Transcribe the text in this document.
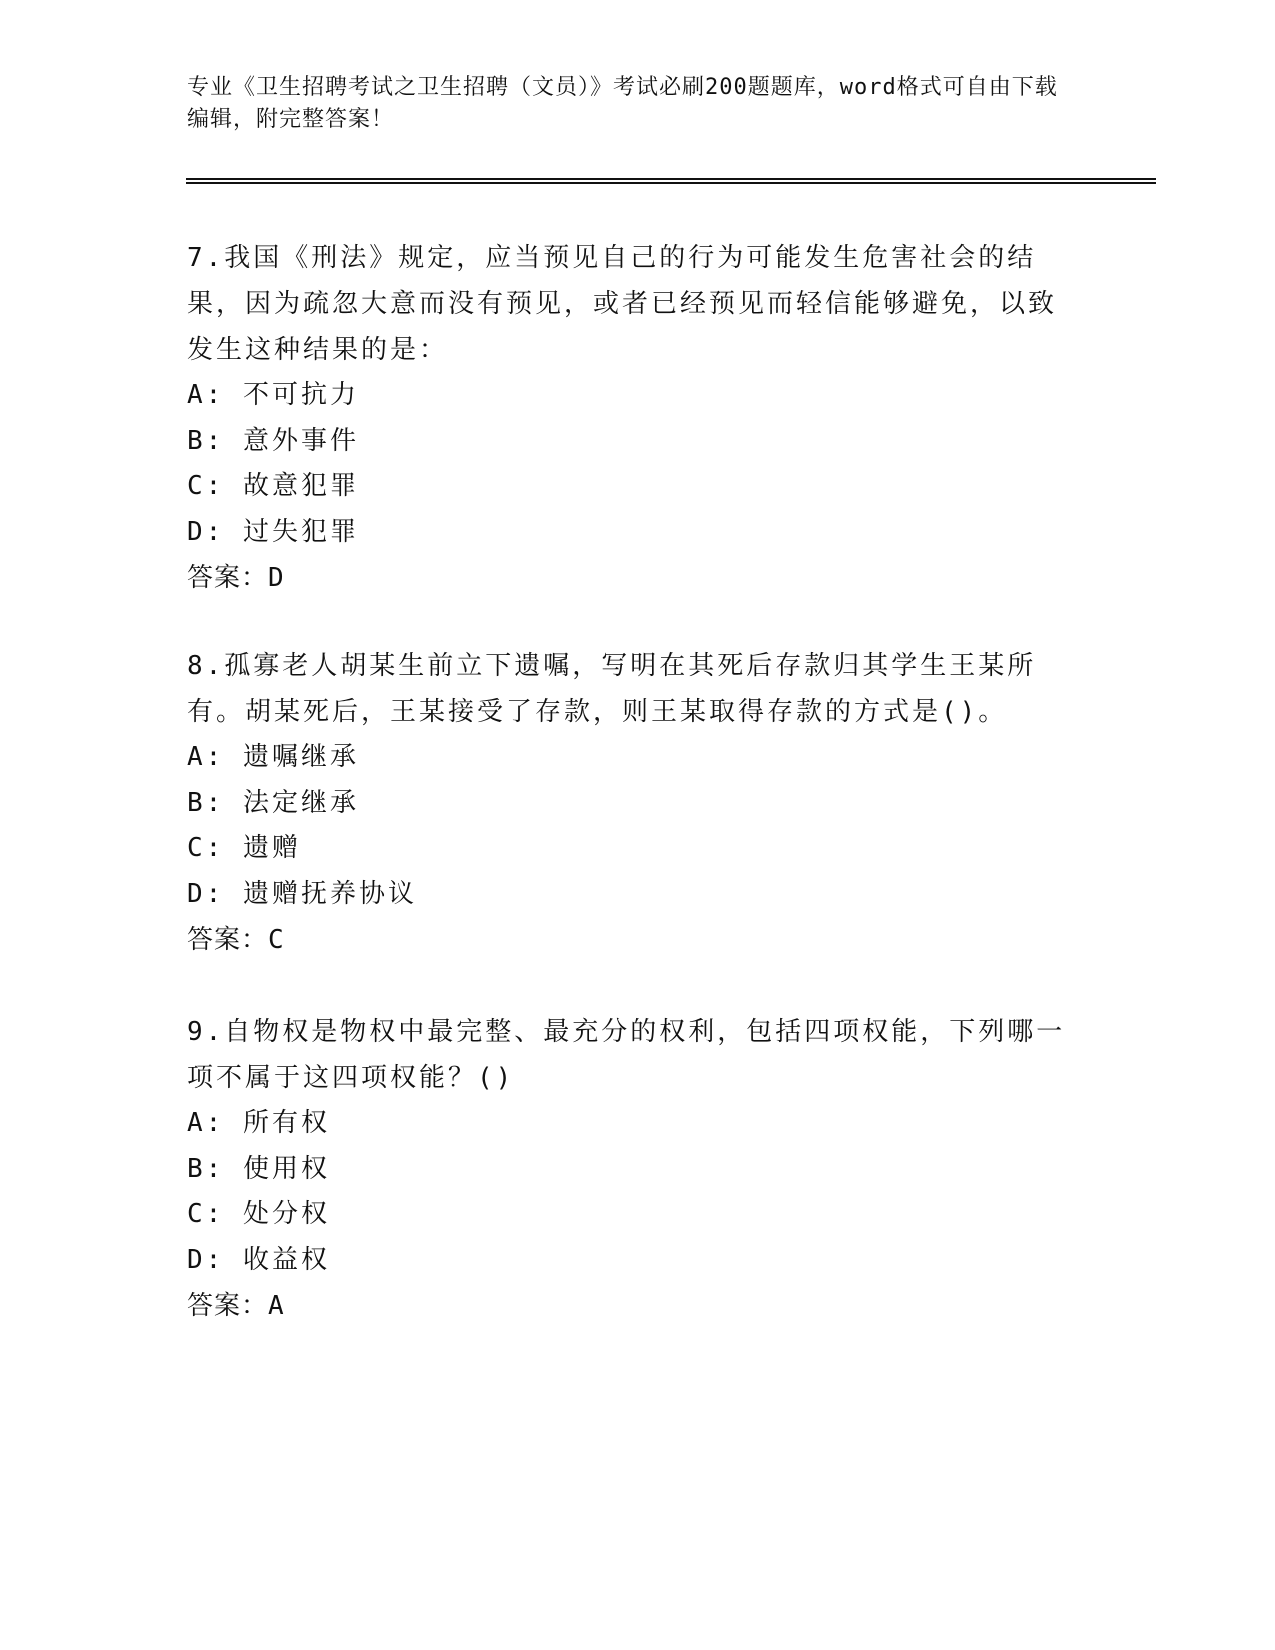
专业《卫生招聘考试之卫生招聘（文员）》考试必刷200题题库，word格式可自由下载编辑，附完整答案！
7.我国《刑法》规定，应当预见自己的行为可能发生危害社会的结果，因为疏忽大意而没有预见，或者已经预见而轻信能够避免，以致发生这种结果的是：
A: 不可抗力
B: 意外事件
C: 故意犯罪
D: 过失犯罪
答案：D
8.孤寡老人胡某生前立下遗嘱，写明在其死后存款归其学生王某所有。胡某死后，王某接受了存款，则王某取得存款的方式是()。
A: 遗嘱继承
B: 法定继承
C: 遗赠
D: 遗赠抚养协议
答案：C
9.自物权是物权中最完整、最充分的权利，包括四项权能，下列哪一项不属于这四项权能？()
A: 所有权
B: 使用权
C: 处分权
D: 收益权
答案：A
